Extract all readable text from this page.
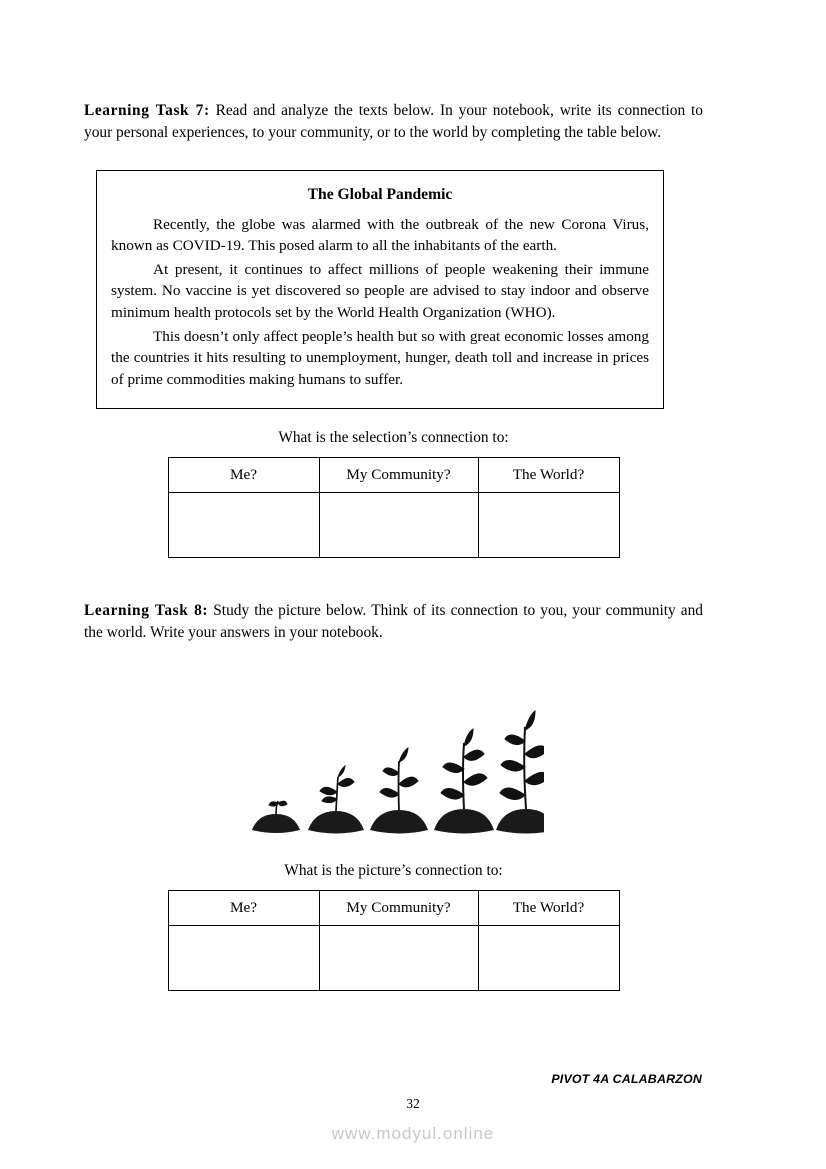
Learning Task 7: Read and analyze the texts below. In your notebook, write its connection to your personal experiences, to your community, or to the world by completing the table below.

The Global Pandemic

Recently, the globe was alarmed with the outbreak of the new Corona Virus, known as COVID-19. This posed alarm to all the inhabitants of the earth.

At present, it continues to affect millions of people weakening their immune system. No vaccine is yet discovered so people are advised to stay indoor and observe minimum health protocols set by the World Health Organization (WHO).

This doesn’t only affect people’s health but so with great economic losses among the countries it hits resulting to unemployment, hunger, death toll and increase in prices of prime commodities making humans to suffer.

What is the selection’s connection to:
Me?	My Community?	The World?

Learning Task 8: Study the picture below. Think of its connection to you, your community and the world. Write your answers in your notebook.

What is the picture’s connection to:
Me?	My Community?	The World?

PIVOT 4A CALABARZON
32
www.modyul.online
